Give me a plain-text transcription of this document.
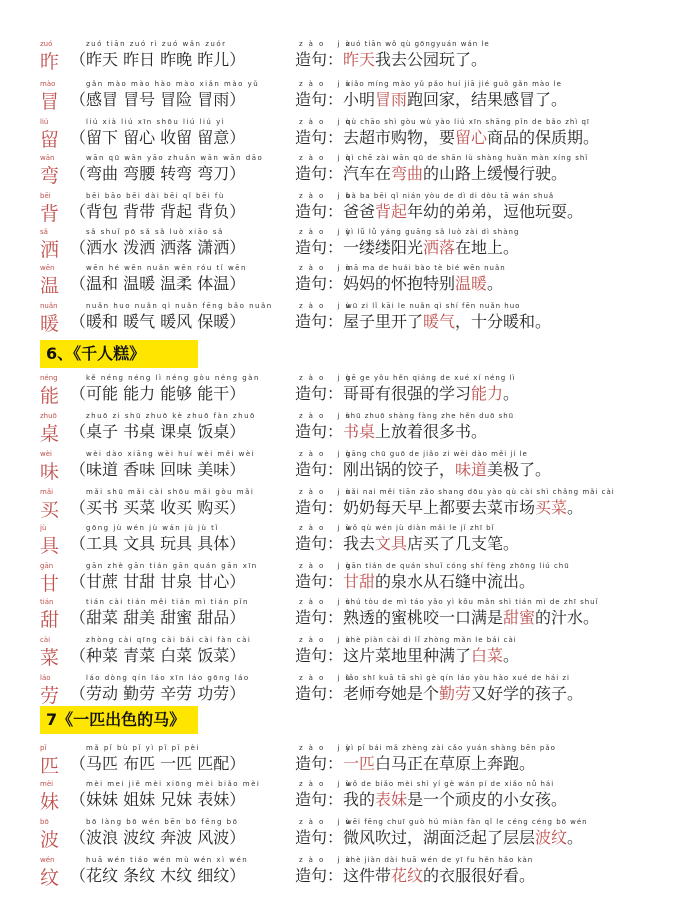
6、《千人糕》
7《一匹出色的马》
zuó
昨
zuó tiān zuó rì zuó wǎn zuór
（昨天 昨日 昨晚 昨儿）
zào jù
造句：
zuó tiān wǒ qù gōngyuán wán le
昨天我去公园玩了。
mào
冒
gǎn mào mào hào mào xiǎn mào yǔ
（感冒 冒号 冒险 冒雨）
zào jù
造句：
xiǎo míng mào yǔ pǎo huí jiā jié guǒ gǎn mào le
小明冒雨跑回家，结果感冒了。
liú
留
liú xià liú xīn shōu liú liú yì
（留下 留心 收留 留意）
zào jù
造句：
qù chāo shì gòu wù yào liú xīn shāng pǐn de bǎo zhì qī
去超市购物，要留心商品的保质期。
wān
弯
wān qū wān yāo zhuǎn wān wān dāo
（弯曲 弯腰 转弯 弯刀）
zào jù
造句：
qì chē zài wān qū de shān lù shàng huǎn màn xíng shǐ
汽车在弯曲的山路上缓慢行驶。
bēi
背
bēi bāo bēi dài bēi qǐ bēi fù
（背包 背带 背起 背负）
zào jù
造句：
bà ba bēi qǐ nián yòu de dì di dòu tā wán shuǎ
爸爸背起年幼的弟弟，逗他玩耍。
sǎ
洒
sǎ shuǐ pō sǎ sǎ luò xiāo sǎ
（洒水 泼洒 洒落 潇洒）
zào jù
造句：
yì lǚ lǚ yáng guāng sǎ luò zài dì shàng
一缕缕阳光洒落在地上。
wēn
温
wēn hé wēn nuǎn wēn róu tǐ wēn
（温和 温暖 温柔 体温）
zào jù
造句：
mā ma de huái bào tè bié wēn nuǎn
妈妈的怀抱特别温暖。
nuǎn
暖
nuǎn huo nuǎn qì nuǎn fēng bǎo nuǎn
（暖和 暖气 暖风 保暖）
zào jù
造句：
wū zi lǐ kāi le nuǎn qì shí fēn nuǎn huo
屋子里开了暖气，十分暖和。
néng
能
kě néng néng lì néng gòu néng gàn
（可能 能力 能够 能干）
zào jù
造句：
gē ge yǒu hěn qiáng de xué xí néng lì
哥哥有很强的学习能力。
zhuō
桌
zhuō zi shū zhuō kè zhuō fàn zhuō
（桌子 书桌 课桌 饭桌）
zào jù
造句：
shū zhuō shàng fàng zhe hěn duō shū
书桌上放着很多书。
wèi
味
wèi dào xiāng wèi huí wèi měi wèi
（味道 香味 回味 美味）
zào jù
造句：
gāng chū guō de jiǎo zi wèi dào měi jí le
刚出锅的饺子，味道美极了。
mǎi
买
mǎi shū mǎi cài shōu mǎi gòu mǎi
（买书 买菜 收买 购买）
zào jù
造句：
nǎi nai měi tiān zǎo shang dōu yào qù cài shì chǎng mǎi cài
奶奶每天早上都要去菜市场买菜。
jù
具
gōng jù wén jù wán jù jù tǐ
（工具 文具 玩具 具体）
zào jù
造句：
wǒ qù wén jù diàn mǎi le jǐ zhī bǐ
我去文具店买了几支笔。
gān
甘
gān zhè gān tián gān quán gān xīn
（甘蔗 甘甜 甘泉 甘心）
zào jù
造句：
gān tián de quán shuǐ cóng shí fèng zhōng liú chū
甘甜的泉水从石缝中流出。
tián
甜
tián cài tián měi tián mì tián pǐn
（甜菜 甜美 甜蜜 甜品）
zào jù
造句：
shú tòu de mì táo yǎo yì kǒu mǎn shì tián mì de zhī shuǐ
熟透的蜜桃咬一口满是甜蜜的汁水。
cài
菜
zhòng cài qīng cài bái cài fàn cài
（种菜 青菜 白菜 饭菜）
zào jù
造句：
zhè piàn cài dì lǐ zhòng mǎn le bái cài
这片菜地里种满了白菜。
láo
劳
láo dòng qín láo xīn láo gōng láo
（劳动 勤劳 辛劳 功劳）
zào jù
造句：
lǎo shī kuā tā shì gè qín láo yòu hào xué de hái zi
老师夸她是个勤劳又好学的孩子。
pǐ
匹
mǎ pǐ bù pǐ yì pǐ pǐ pèi
（马匹 布匹 一匹 匹配）
zào jù
造句：
yì pǐ bái mǎ zhèng zài cǎo yuán shàng bēn pǎo
一匹白马正在草原上奔跑。
mèi
妹
mèi mei jiě mèi xiōng mèi biǎo mèi
（妹妹 姐妹 兄妹 表妹）
zào jù
造句：
wǒ de biǎo mèi shì yí gè wán pí de xiǎo nǚ hái
我的表妹是一个顽皮的小女孩。
bō
波
bō làng bō wén bēn bō fēng bō
（波浪 波纹 奔波 风波）
zào jù
造句：
wēi fēng chuī guò hú miàn fàn qǐ le céng céng bō wén
微风吹过，湖面泛起了层层波纹。
wén
纹
huā wén tiáo wén mù wén xì wén
（花纹 条纹 木纹 细纹）
zào jù
造句：
zhè jiàn dài huā wén de yī fu hěn hǎo kàn
这件带花纹的衣服很好看。
